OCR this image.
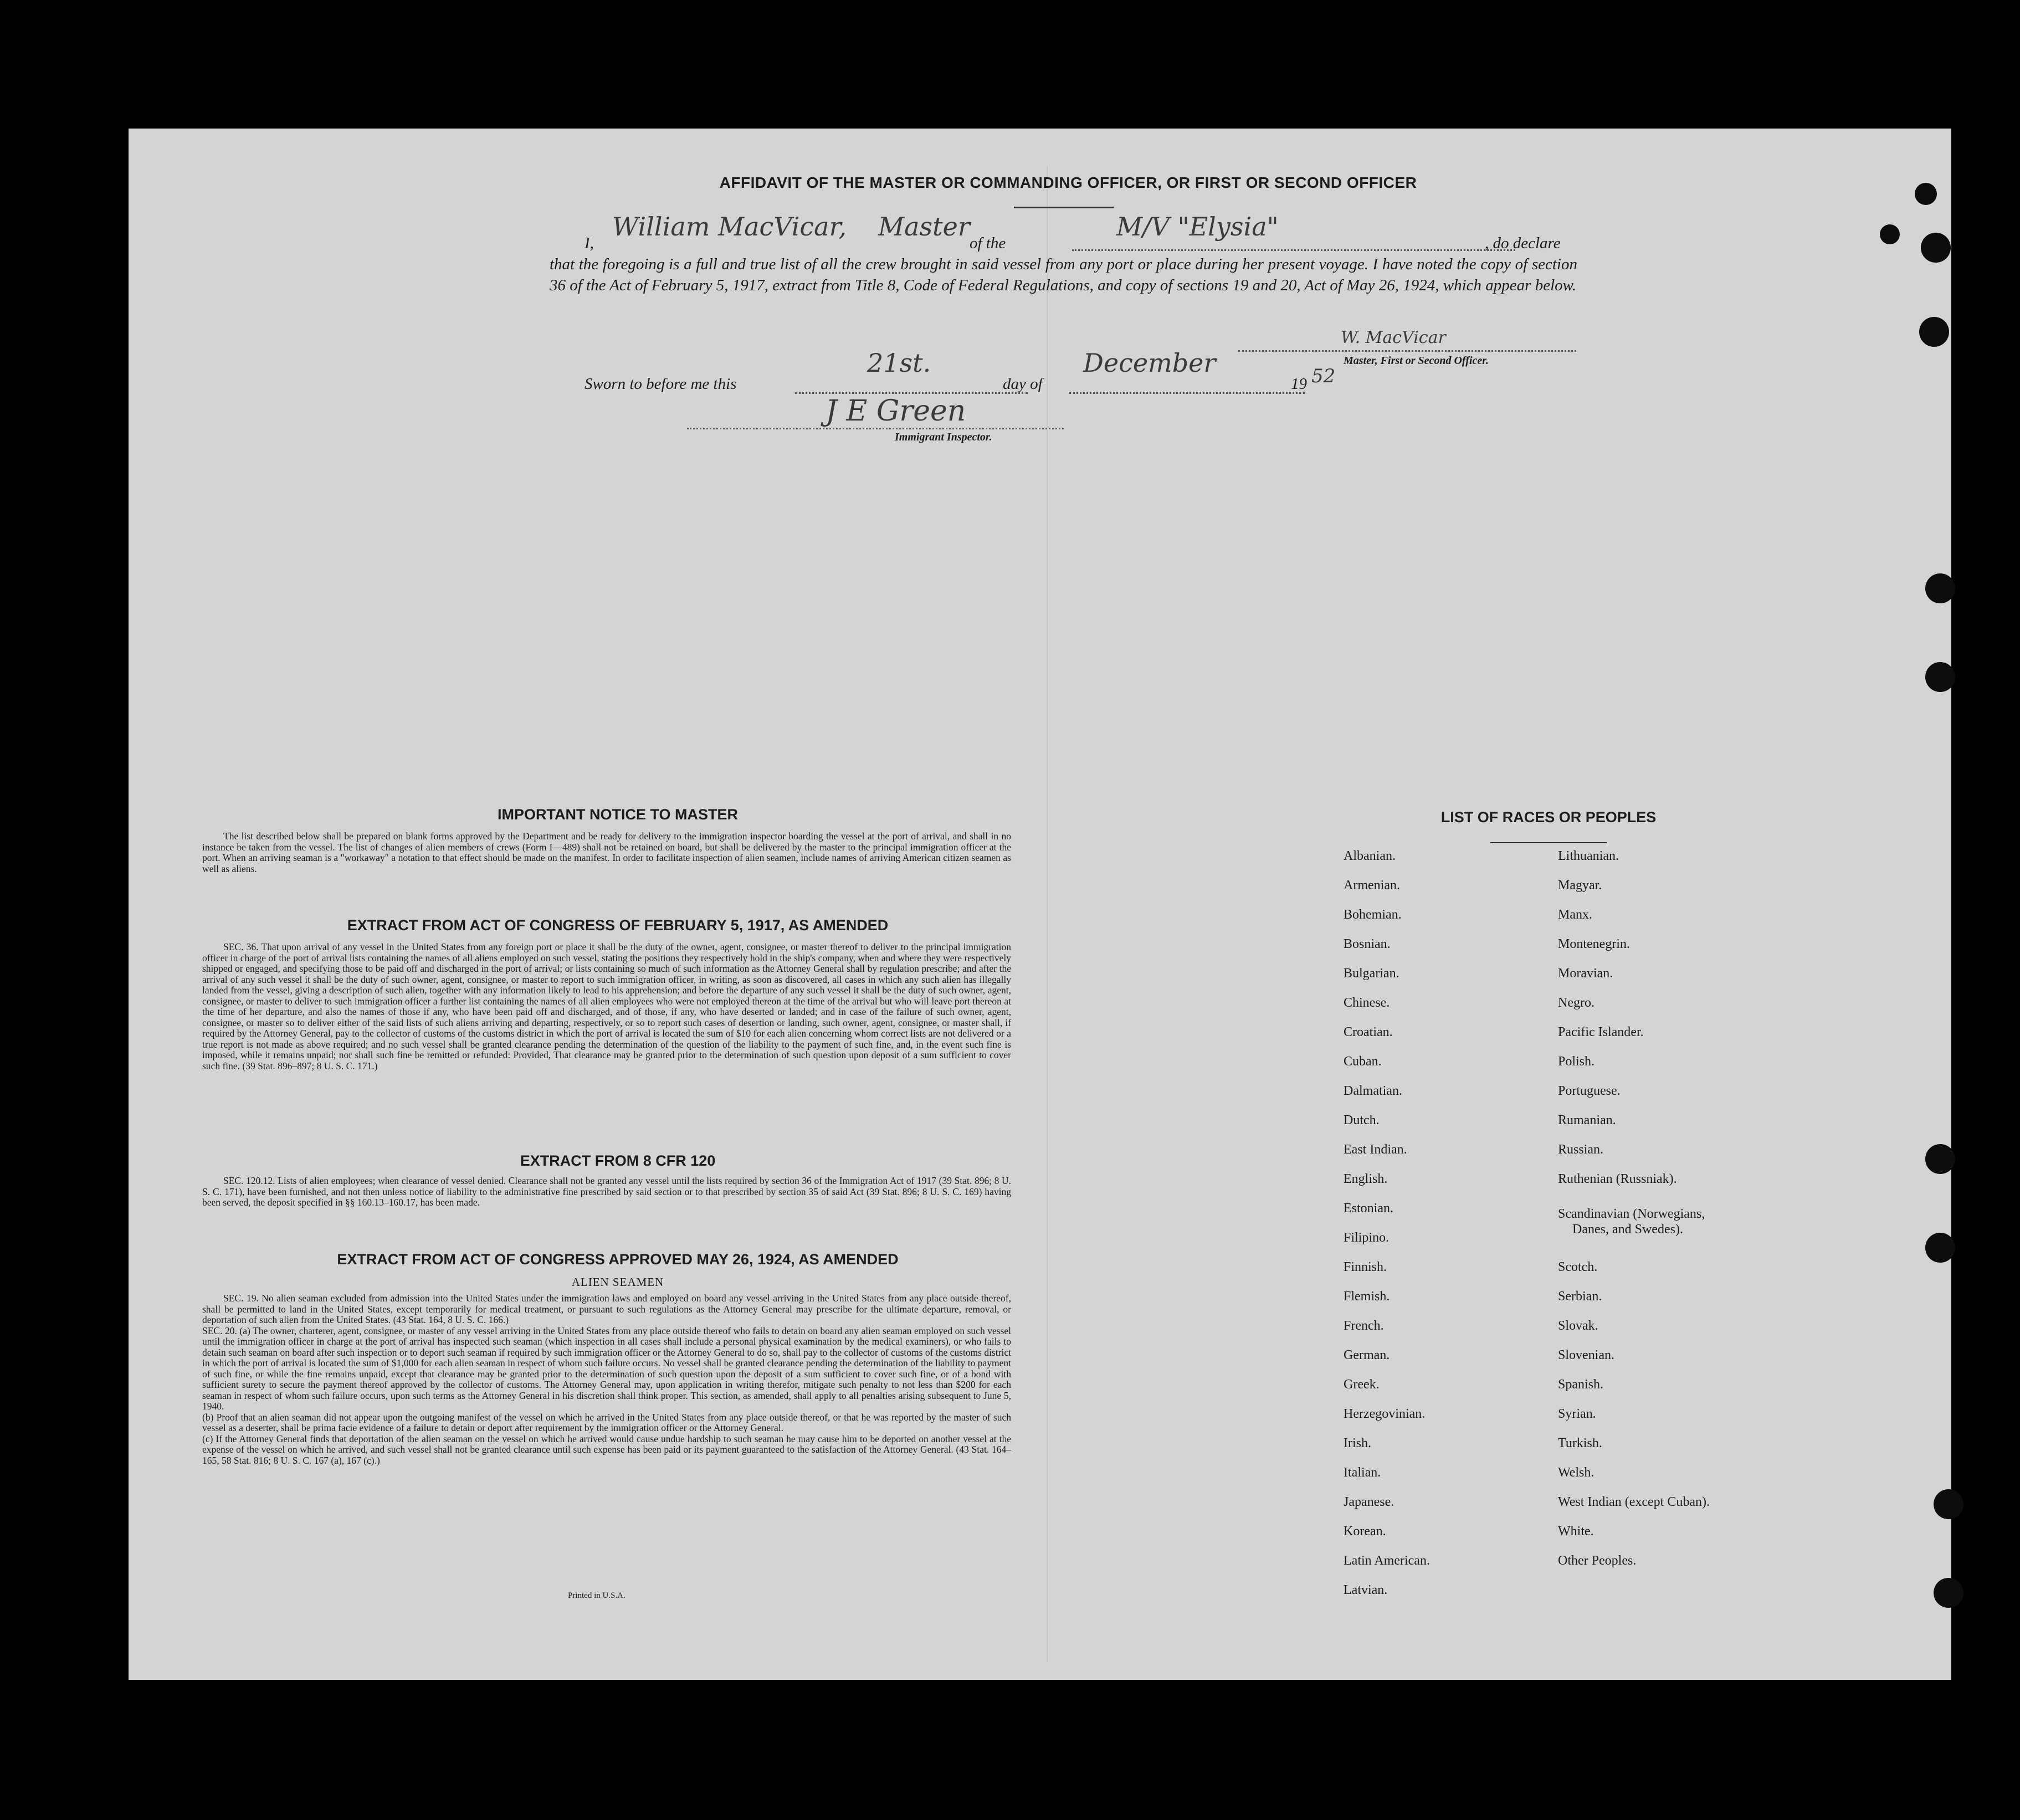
AFFIDAVIT OF THE MASTER OR COMMANDING OFFICER, OR FIRST OR SECOND OFFICER
I,
William MacVicar, Master
of the
M/V "Elysia"
, do declare
that the foregoing is a full and true list of all the crew brought in said vessel from any port or place during her present voyage. I have noted the copy of section 36 of the Act of February 5, 1917, extract from Title 8, Code of Federal Regulations, and copy of sections 19 and 20, Act of May 26, 1924, which appear below.
W. MacVicar
Master, First or Second Officer.
Sworn to before me this
21st.
day of
December
19 52
J E Green
Immigrant Inspector.
IMPORTANT NOTICE TO MASTER
The list described below shall be prepared on blank forms approved by the Department and be ready for delivery to the immigration inspector boarding the vessel at the port of arrival, and shall in no instance be taken from the vessel. The list of changes of alien members of crews (Form I—489) shall not be retained on board, but shall be delivered by the master to the principal immigration officer at the port. When an arriving seaman is a "workaway" a notation to that effect should be made on the manifest. In order to facilitate inspection of alien seamen, include names of arriving American citizen seamen as well as aliens.
EXTRACT FROM ACT OF CONGRESS OF FEBRUARY 5, 1917, AS AMENDED
SEC. 36. That upon arrival of any vessel in the United States from any foreign port or place it shall be the duty of the owner, agent, consignee, or master thereof to deliver to the principal immigration officer in charge of the port of arrival lists containing the names of all aliens employed on such vessel, stating the positions they respectively hold in the ship's company, when and where they were respectively shipped or engaged, and specifying those to be paid off and discharged in the port of arrival; or lists containing so much of such information as the Attorney General shall by regulation prescribe; and after the arrival of any such vessel it shall be the duty of such owner, agent, consignee, or master to report to such immigration officer, in writing, as soon as discovered, all cases in which any such alien has illegally landed from the vessel, giving a description of such alien, together with any information likely to lead to his apprehension; and before the departure of any such vessel it shall be the duty of such owner, agent, consignee, or master to deliver to such immigration officer a further list containing the names of all alien employees who were not employed thereon at the time of the arrival but who will leave port thereon at the time of her departure, and also the names of those if any, who have been paid off and discharged, and of those, if any, who have deserted or landed; and in case of the failure of such owner, agent, consignee, or master so to deliver either of the said lists of such aliens arriving and departing, respectively, or so to report such cases of desertion or landing, such owner, agent, consignee, or master shall, if required by the Attorney General, pay to the collector of customs of the customs district in which the port of arrival is located the sum of $10 for each alien concerning whom correct lists are not delivered or a true report is not made as above required; and no such vessel shall be granted clearance pending the determination of the question of the liability to the payment of such fine, and, in the event such fine is imposed, while it remains unpaid; nor shall such fine be remitted or refunded: Provided, That clearance may be granted prior to the determination of such question upon deposit of a sum sufficient to cover such fine. (39 Stat. 896–897; 8 U. S. C. 171.)
EXTRACT FROM 8 CFR 120
SEC. 120.12. Lists of alien employees; when clearance of vessel denied. Clearance shall not be granted any vessel until the lists required by section 36 of the Immigration Act of 1917 (39 Stat. 896; 8 U. S. C. 171), have been furnished, and not then unless notice of liability to the administrative fine prescribed by said section or to that prescribed by section 35 of said Act (39 Stat. 896; 8 U. S. C. 169) having been served, the deposit specified in §§ 160.13–160.17, has been made.
EXTRACT FROM ACT OF CONGRESS APPROVED MAY 26, 1924, AS AMENDED
ALIEN SEAMEN
SEC. 19. No alien seaman excluded from admission into the United States under the immigration laws and employed on board any vessel arriving in the United States from any place outside thereof, shall be permitted to land in the United States, except temporarily for medical treatment, or pursuant to such regulations as the Attorney General may prescribe for the ultimate departure, removal, or deportation of such alien from the United States. (43 Stat. 164, 8 U. S. C. 166.)
SEC. 20. (a) The owner, charterer, agent, consignee, or master of any vessel arriving in the United States from any place outside thereof who fails to detain on board any alien seaman employed on such vessel until the immigration officer in charge at the port of arrival has inspected such seaman (which inspection in all cases shall include a personal physical examination by the medical examiners), or who fails to detain such seaman on board after such inspection or to deport such seaman if required by such immigration officer or the Attorney General to do so, shall pay to the collector of customs of the customs district in which the port of arrival is located the sum of $1,000 for each alien seaman in respect of whom such failure occurs. No vessel shall be granted clearance pending the determination of the liability to payment of such fine, or while the fine remains unpaid, except that clearance may be granted prior to the determination of such question upon the deposit of a sum sufficient to cover such fine, or of a bond with sufficient surety to secure the payment thereof approved by the collector of customs. The Attorney General may, upon application in writing therefor, mitigate such penalty to not less than $200 for each seaman in respect of whom such failure occurs, upon such terms as the Attorney General in his discretion shall think proper. This section, as amended, shall apply to all penalties arising subsequent to June 5, 1940.
(b) Proof that an alien seaman did not appear upon the outgoing manifest of the vessel on which he arrived in the United States from any place outside thereof, or that he was reported by the master of such vessel as a deserter, shall be prima facie evidence of a failure to detain or deport after requirement by the immigration officer or the Attorney General.
(c) If the Attorney General finds that deportation of the alien seaman on the vessel on which he arrived would cause undue hardship to such seaman he may cause him to be deported on another vessel at the expense of the vessel on which he arrived, and such vessel shall not be granted clearance until such expense has been paid or its payment guaranteed to the satisfaction of the Attorney General. (43 Stat. 164–165, 58 Stat. 816; 8 U. S. C. 167 (a), 167 (c).)
Printed in U.S.A.
LIST OF RACES OR PEOPLES
Albanian.
Armenian.
Bohemian.
Bosnian.
Bulgarian.
Chinese.
Croatian.
Cuban.
Dalmatian.
Dutch.
East Indian.
English.
Estonian.
Filipino.
Finnish.
Flemish.
French.
German.
Greek.
Herzegovinian.
Irish.
Italian.
Japanese.
Korean.
Latin American.
Latvian.
Lithuanian.
Magyar.
Manx.
Montenegrin.
Moravian.
Negro.
Pacific Islander.
Polish.
Portuguese.
Rumanian.
Russian.
Ruthenian (Russniak).
Scandinavian (Norwegians,
Danes, and Swedes).
Scotch.
Serbian.
Slovak.
Slovenian.
Spanish.
Syrian.
Turkish.
Welsh.
West Indian (except Cuban).
White.
Other Peoples.
